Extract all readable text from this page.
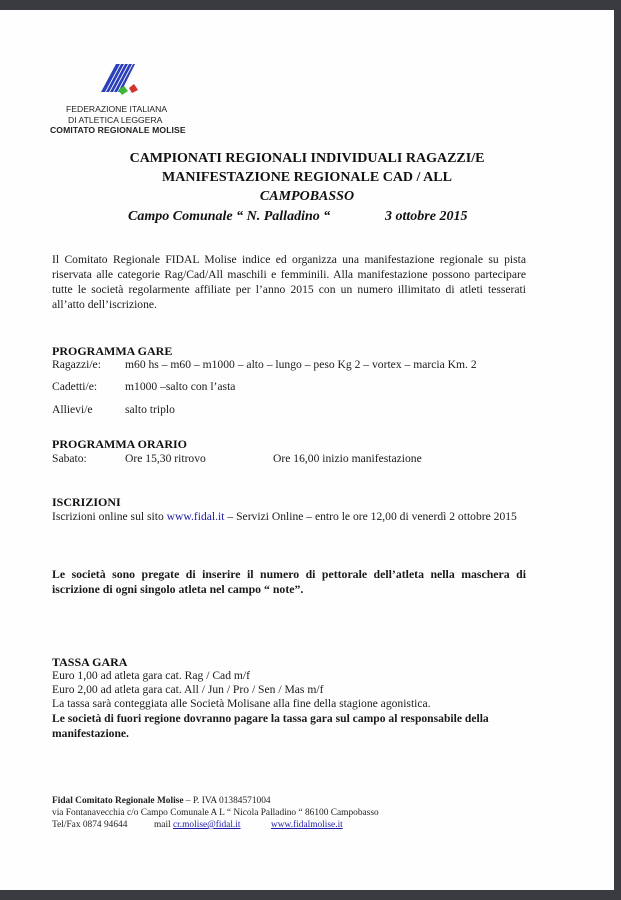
FEDERAZIONE ITALIANA
DI ATLETICA LEGGERA
COMITATO REGIONALE MOLISE
CAMPIONATI REGIONALI INDIVIDUALI RAGAZZI/E
MANIFESTAZIONE REGIONALE CAD / ALL
CAMPOBASSO
Campo Comunale “ N. Palladino “	3 ottobre 2015
Il Comitato Regionale FIDAL Molise indice ed organizza una manifestazione regionale su pista riservata alle categorie Rag/Cad/All maschili e femminili. Alla manifestazione possono partecipare tutte le società regolarmente affiliate per l’anno 2015 con un numero illimitato di atleti tesserati all’atto dell’iscrizione.
PROGRAMMA GARE
Ragazzi/e: m60 hs – m60 – m1000 – alto – lungo – peso Kg 2 – vortex – marcia Km. 2
Cadetti/e: m1000 –salto con l’asta
Allievi/e	salto triplo
PROGRAMMA ORARIO
Sabato:	Ore 15,30 ritrovo	Ore 16,00 inizio manifestazione
ISCRIZIONI
Iscrizioni online sul sito www.fidal.it – Servizi Online – entro le ore 12,00 di venerdì 2 ottobre 2015
Le società sono pregate di inserire il numero di pettorale dell’atleta nella maschera di iscrizione di ogni singolo atleta nel campo “ note”.
TASSA GARA
Euro 1,00 ad atleta gara cat. Rag / Cad m/f
Euro 2,00 ad atleta gara cat. All / Jun / Pro / Sen / Mas m/f
La tassa sarà conteggiata alle Società Molisane alla fine della stagione agonistica.
Le società di fuori regione dovranno pagare la tassa gara sul campo al responsabile della manifestazione.
Fidal Comitato Regionale Molise – P. IVA 01384571004
via Fontanavecchia c/o Campo Comunale A L “ Nicola Palladino “ 86100 Campobasso
Tel/Fax 0874 94644	mail cr.molise@fidal.it	www.fidalmolise.it
